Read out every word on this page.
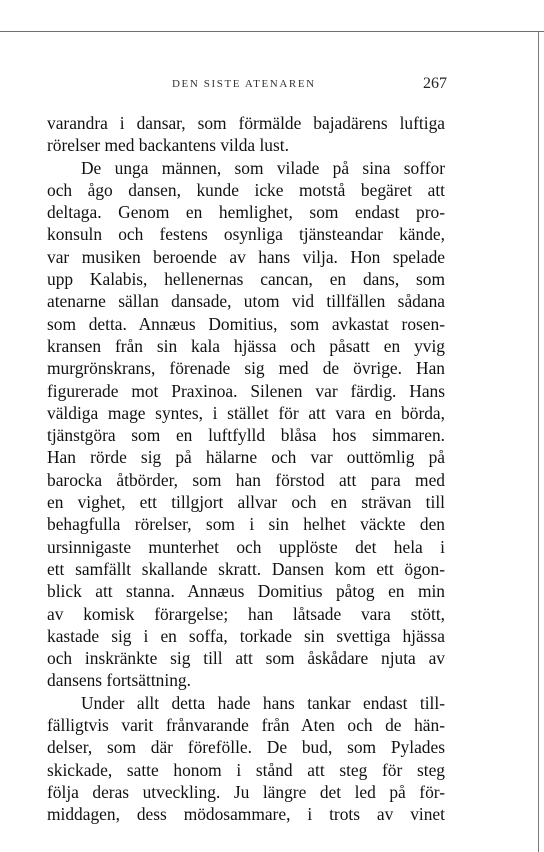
DEN SISTE ATENAREN	267
varandra i dansar, som förmälde bajadärens luftiga
rörelser med backantens vilda lust.
De unga männen, som vilade på sina soffor
och ågo dansen, kunde icke motstå begäret att
deltaga. Genom en hemlighet, som endast pro-
konsuln och festens osynliga tjänsteandar kände,
var musiken beroende av hans vilja. Hon spelade
upp Kalabis, hellenernas cancan, en dans, som
atenarne sällan dansade, utom vid tillfällen sådana
som detta. Annæus Domitius, som avkastat rosen-
kransen från sin kala hjässa och påsatt en yvig
murgrönskrans, förenade sig med de övrige. Han
figurerade mot Praxinoa. Silenen var färdig. Hans
väldiga mage syntes, i stället för att vara en börda,
tjänstgöra som en luftfylld blåsa hos simmaren.
Han rörde sig på hälarne och var outtömlig på
barocka åtbörder, som han förstod att para med
en vighet, ett tillgjort allvar och en strävan till
behagfulla rörelser, som i sin helhet väckte den
ursinnigaste munterhet och upplöste det hela i
ett samfällt skallande skratt. Dansen kom ett ögon-
blick att stanna. Annæus Domitius påtog en min
av komisk förargelse; han låtsade vara stött,
kastade sig i en soffa, torkade sin svettiga hjässa
och inskränkte sig till att som åskådare njuta av
dansens fortsättning.
Under allt detta hade hans tankar endast till-
fälligtvis varit frånvarande från Aten och de hän-
delser, som där förefölle. De bud, som Pylades
skickade, satte honom i stånd att steg för steg
följa deras utveckling. Ju längre det led på för-
middagen, dess mödosammare, i trots av vinet
